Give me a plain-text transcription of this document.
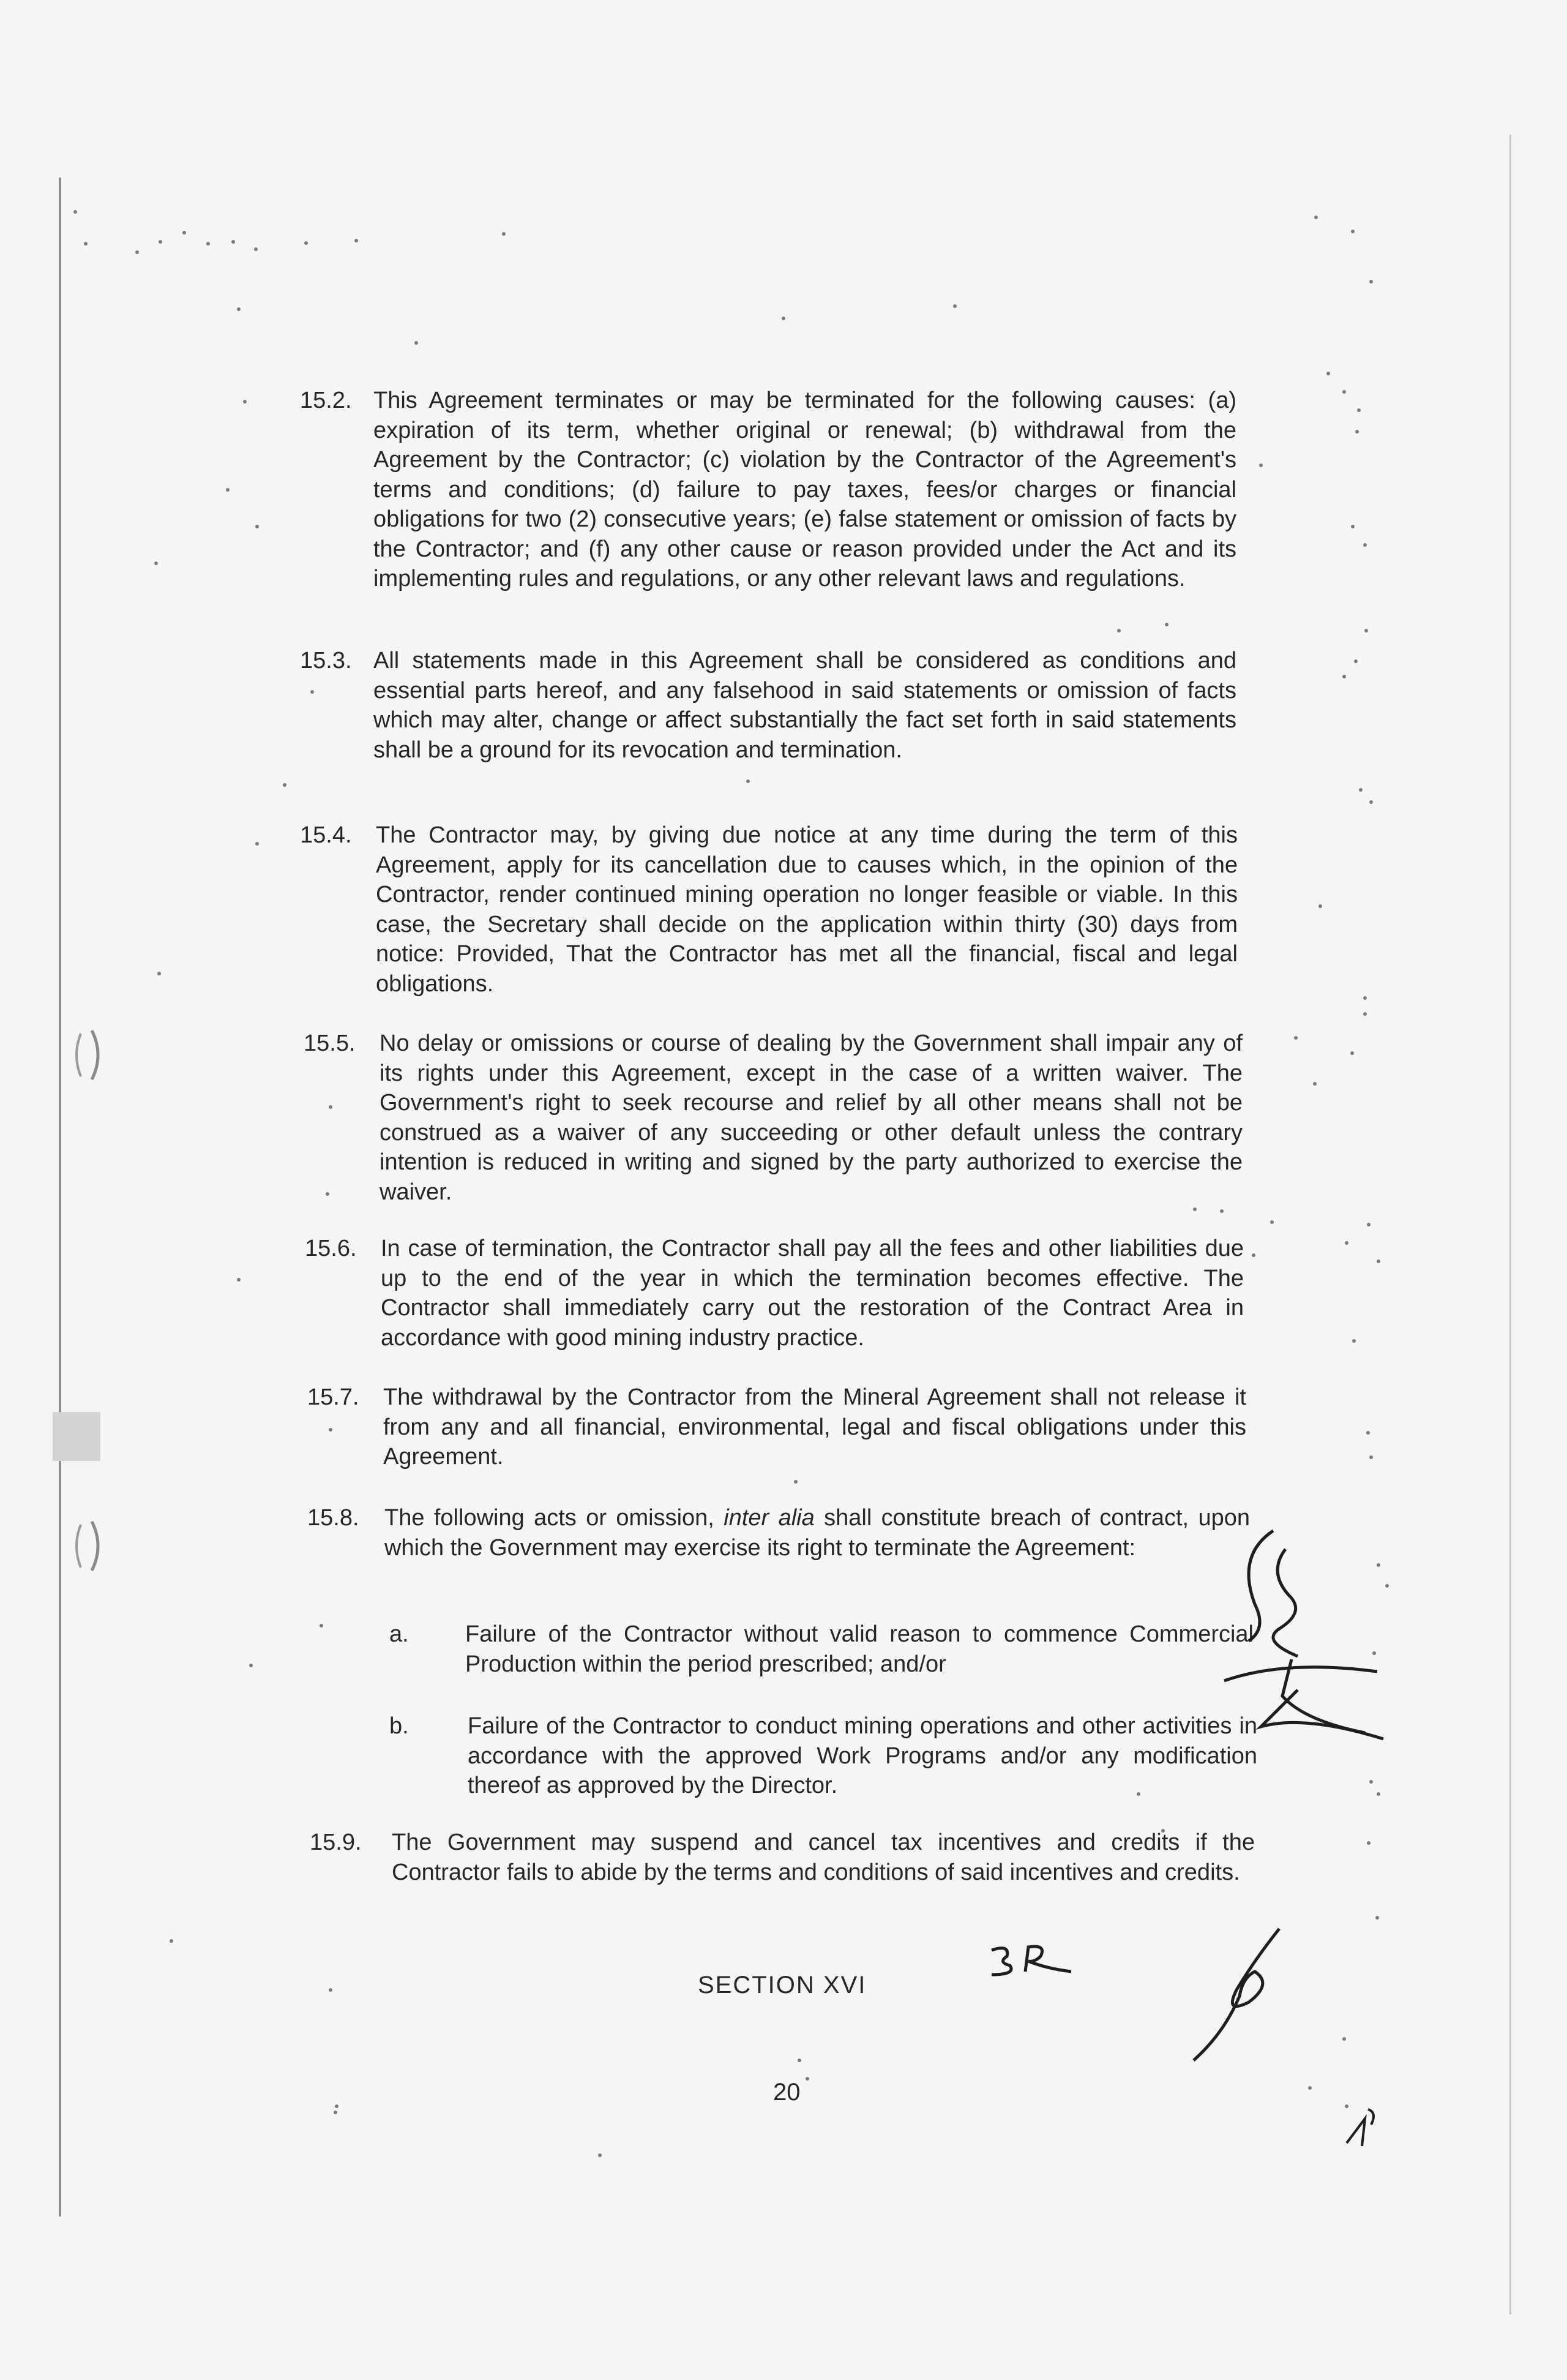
15.2. This Agreement terminates or may be terminated for the following causes: (a) expiration of its term, whether original or renewal; (b) withdrawal from the Agreement by the Contractor; (c) violation by the Contractor of the Agreement's terms and conditions; (d) failure to pay taxes, fees/or charges or financial obligations for two (2) consecutive years; (e) false statement or omission of facts by the Contractor; and (f) any other cause or reason provided under the Act and its implementing rules and regulations, or any other relevant laws and regulations.
15.3. All statements made in this Agreement shall be considered as conditions and essential parts hereof, and any falsehood in said statements or omission of facts which may alter, change or affect substantially the fact set forth in said statements shall be a ground for its revocation and termination.
15.4. The Contractor may, by giving due notice at any time during the term of this Agreement, apply for its cancellation due to causes which, in the opinion of the Contractor, render continued mining operation no longer feasible or viable. In this case, the Secretary shall decide on the application within thirty (30) days from notice: Provided, That the Contractor has met all the financial, fiscal and legal obligations.
15.5. No delay or omissions or course of dealing by the Government shall impair any of its rights under this Agreement, except in the case of a written waiver. The Government's right to seek recourse and relief by all other means shall not be construed as a waiver of any succeeding or other default unless the contrary intention is reduced in writing and signed by the party authorized to exercise the waiver.
15.6. In case of termination, the Contractor shall pay all the fees and other liabilities due up to the end of the year in which the termination becomes effective. The Contractor shall immediately carry out the restoration of the Contract Area in accordance with good mining industry practice.
15.7. The withdrawal by the Contractor from the Mineral Agreement shall not release it from any and all financial, environmental, legal and fiscal obligations under this Agreement.
15.8. The following acts or omission, inter alia shall constitute breach of contract, upon which the Government may exercise its right to terminate the Agreement:
a. Failure of the Contractor without valid reason to commence Commercial Production within the period prescribed; and/or
b.	Failure of the Contractor to conduct mining operations and other activities in accordance with the approved Work Programs and/or any modification thereof as approved by the Director.
15.9. The Government may suspend and cancel tax incentives and credits if the Contractor fails to abide by the terms and conditions of said incentives and credits.
SECTION XVI
20
